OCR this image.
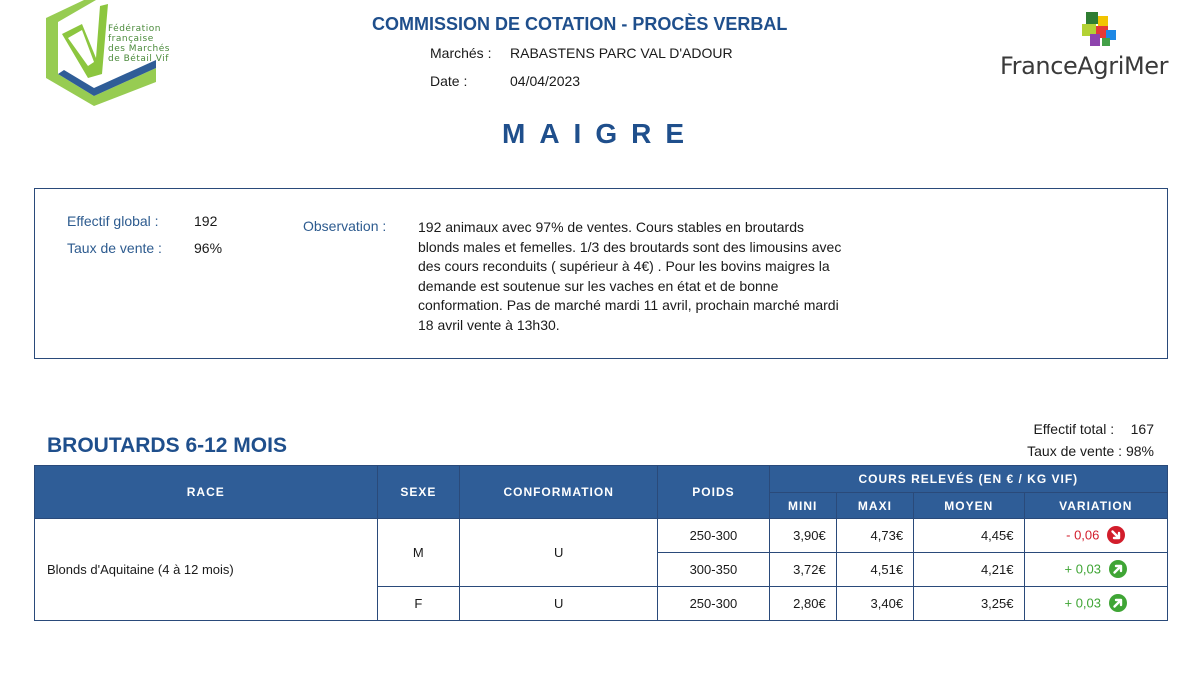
Fédération
française
des Marchés
de Bétail Vif
COMMISSION DE COTATION - PROCÈS VERBAL
Marchés : RABASTENS PARC VAL D'ADOUR
Date :	04/04/2023
FranceAgriMer
MAIGRE
Effectif global :	192
Taux de vente : 96%
Observation : 192 animaux avec 97% de ventes. Cours stables en broutards
blonds males et femelles. 1/3 des broutards sont des limousins avec
des cours reconduits ( supérieur à 4€) . Pour les bovins maigres la
demande est soutenue sur les vaches en état et de bonne
conformation. Pas de marché mardi 11 avril, prochain marché mardi
18 avril vente à 13h30.
BROUTARDS 6-12 MOIS
Effectif total : 167
Taux de vente : 98%
RACE	SEXE	CONFORMATION	POIDS	COURS RELEVÉS (EN € / KG VIF)			
				MINI	MAXI	MOYEN	VARIATION
Blonds d'Aquitaine (4 à 12 mois)	M	U	250-300	3,90€	4,73€	4,45€	- 0,06

			300-350	3,72€	4,51€	4,21€	+ 0,03

	F	U	250-300	2,80€	3,40€	3,25€	+ 0,03
